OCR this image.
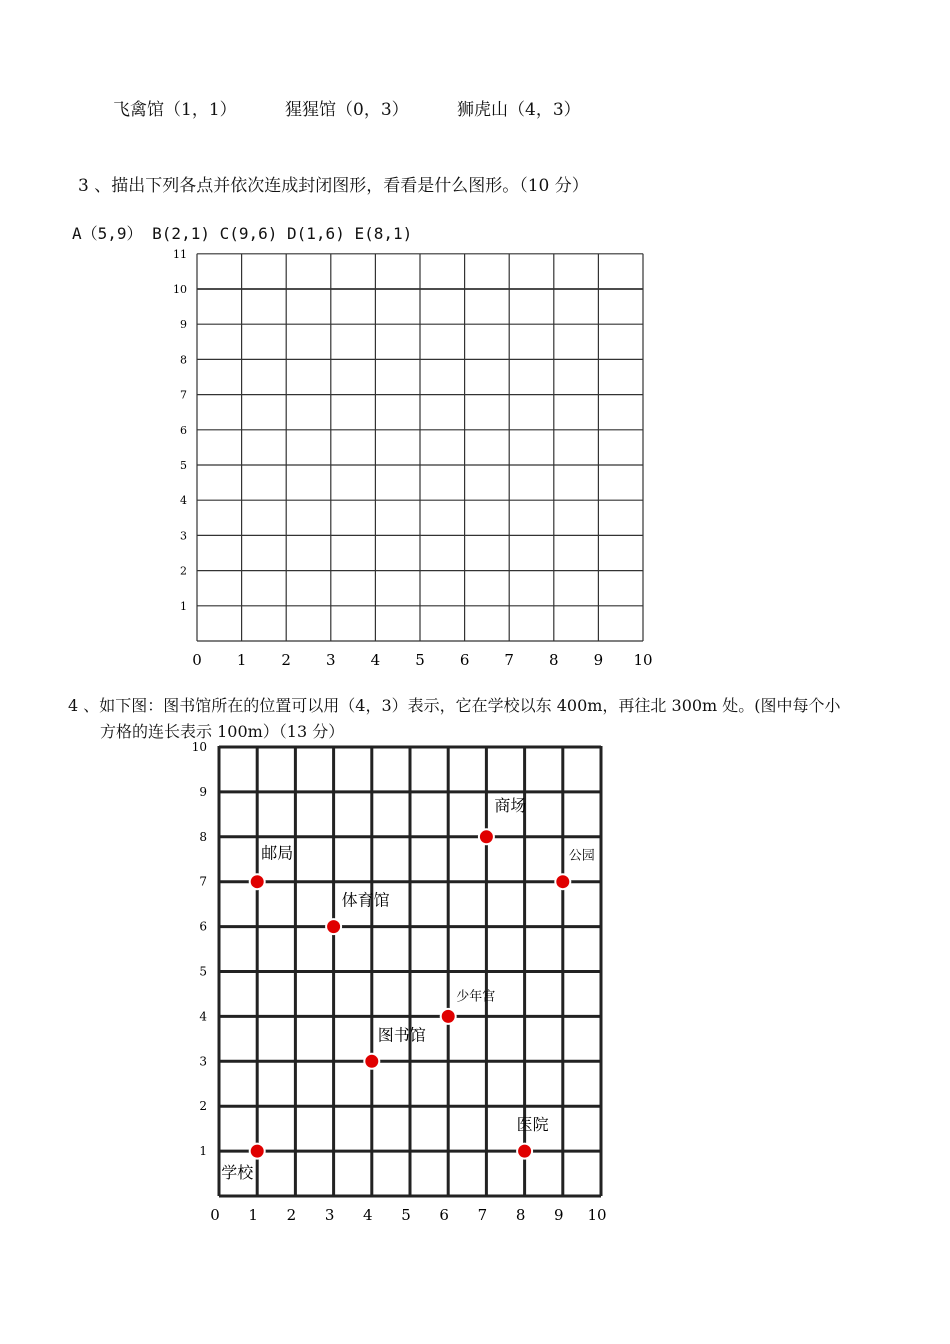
飞禽馆（1，1）	猩猩馆（0，3）	狮虎山（4，3）
3 、描出下列各点并依次连成封闭图形，看看是什么图形。（10 分）
A（5,9） B(2,1) C(9,6) D(1,6) E(8,1)
0 1 2 3 4 5 6 7 8 9 10
1
2
3
4
5
6
7
8
9
10
11
4 、如下图：图书馆所在的位置可以用（4，3）表示，它在学校以东 400m，再往北 300m 处。(图中每个小
方格的连长表示 100m）（13 分）
0 1 2 3 4 5 6 7 8 9 10
1
2
3
4
5
6
7
8
9
10
学校
医院
图书馆
少年宫
体育馆
邮局	公园
商场
